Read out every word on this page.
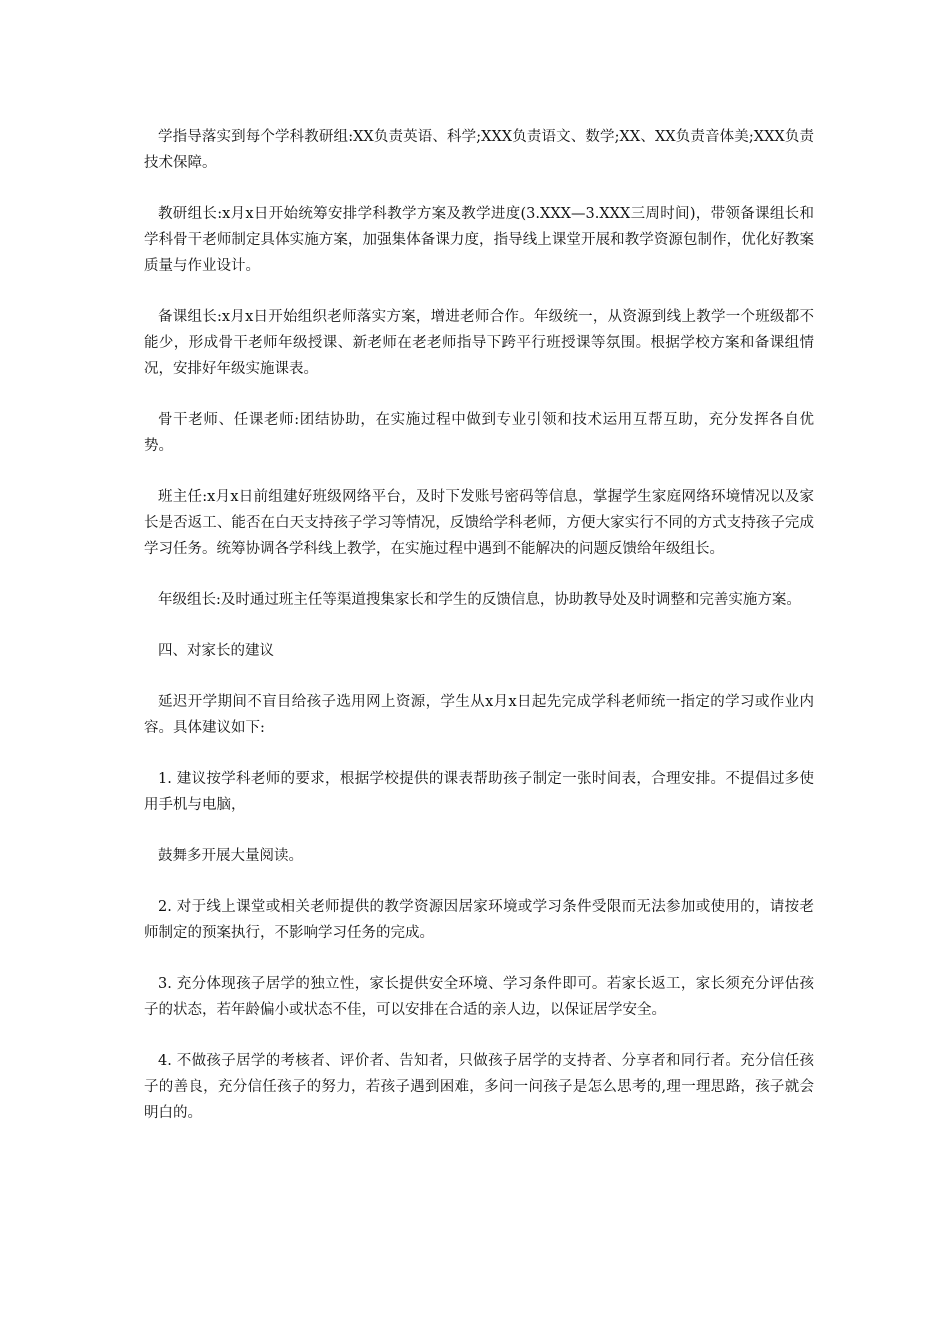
学指导落实到每个学科教研组:XX负责英语、科学;XXX负责语文、数学;XX、XX负责音体美;XXX负责技术保障。

教研组长:x月x日开始统筹安排学科教学方案及教学进度(3.XXX—3.XXX三周时间)，带领备课组长和学科骨干老师制定具体实施方案，加强集体备课力度，指导线上课堂开展和教学资源包制作，优化好教案质量与作业设计。

备课组长:x月x日开始组织老师落实方案，增进老师合作。年级统一，从资源到线上教学一个班级都不能少，形成骨干老师年级授课、新老师在老老师指导下跨平行班授课等氛围。根据学校方案和备课组情况，安排好年级实施课表。

骨干老师、任课老师:团结协助，在实施过程中做到专业引领和技术运用互帮互助，充分发挥各自优势。

班主任:x月x日前组建好班级网络平台，及时下发账号密码等信息，掌握学生家庭网络环境情况以及家长是否返工、能否在白天支持孩子学习等情况，反馈给学科老师，方便大家实行不同的方式支持孩子完成学习任务。统筹协调各学科线上教学，在实施过程中遇到不能解决的问题反馈给年级组长。

年级组长:及时通过班主任等渠道搜集家长和学生的反馈信息，协助教导处及时调整和完善实施方案。

四、对家长的建议

延迟开学期间不盲目给孩子选用网上资源，学生从x月x日起先完成学科老师统一指定的学习或作业内容。具体建议如下:

1. 建议按学科老师的要求，根据学校提供的课表帮助孩子制定一张时间表，合理安排。不提倡过多使用手机与电脑，

鼓舞多开展大量阅读。

2. 对于线上课堂或相关老师提供的教学资源因居家环境或学习条件受限而无法参加或使用的，请按老师制定的预案执行，不影响学习任务的完成。

3. 充分体现孩子居学的独立性，家长提供安全环境、学习条件即可。若家长返工，家长须充分评估孩子的状态，若年龄偏小或状态不佳，可以安排在合适的亲人边，以保证居学安全。

4. 不做孩子居学的考核者、评价者、告知者，只做孩子居学的支持者、分享者和同行者。充分信任孩子的善良，充分信任孩子的努力，若孩子遇到困难，多问一问孩子是怎么思考的,理一理思路，孩子就会明白的。
